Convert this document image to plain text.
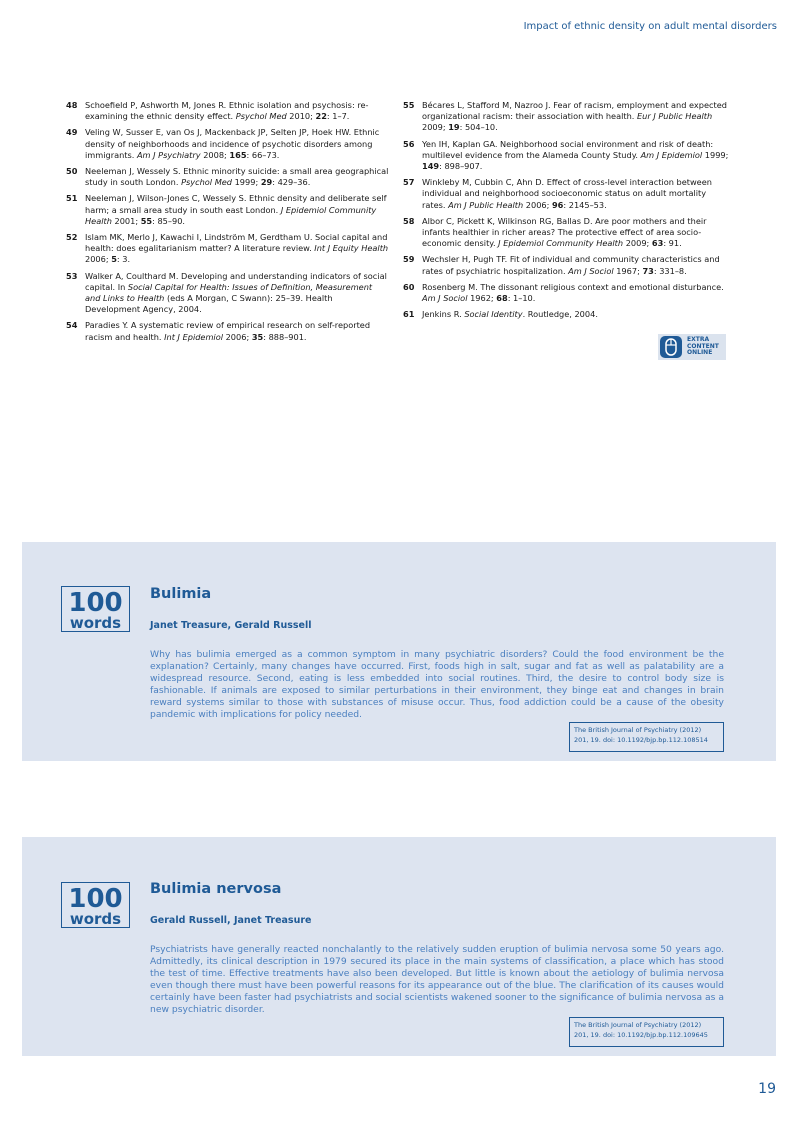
Impact of ethnic density on adult mental disorders
48 Schoefield P, Ashworth M, Jones R. Ethnic isolation and psychosis: re-examining the ethnic density effect. Psychol Med 2010; 22: 1–7.
49 Veling W, Susser E, van Os J, Mackenback JP, Selten JP, Hoek HW. Ethnic density of neighborhoods and incidence of psychotic disorders among immigrants. Am J Psychiatry 2008; 165: 66–73.
50 Neeleman J, Wessely S. Ethnic minority suicide: a small area geographical study in south London. Psychol Med 1999; 29: 429–36.
51 Neeleman J, Wilson-Jones C, Wessely S. Ethnic density and deliberate self harm; a small area study in south east London. J Epidemiol Community Health 2001; 55: 85–90.
52 Islam MK, Merlo J, Kawachi I, Lindström M, Gerdtham U. Social capital and health: does egalitarianism matter? A literature review. Int J Equity Health 2006; 5: 3.
53 Walker A, Coulthard M. Developing and understanding indicators of social capital. In Social Capital for Health: Issues of Definition, Measurement and Links to Health (eds A Morgan, C Swann): 25–39. Health Development Agency, 2004.
54 Paradies Y. A systematic review of empirical research on self-reported racism and health. Int J Epidemiol 2006; 35: 888–901.
55 Bécares L, Stafford M, Nazroo J. Fear of racism, employment and expected organizational racism: their association with health. Eur J Public Health 2009; 19: 504–10.
56 Yen IH, Kaplan GA. Neighborhood social environment and risk of death: multilevel evidence from the Alameda County Study. Am J Epidemiol 1999; 149: 898–907.
57 Winkleby M, Cubbin C, Ahn D. Effect of cross-level interaction between individual and neighborhood socioeconomic status on adult mortality rates. Am J Public Health 2006; 96: 2145–53.
58 Albor C, Pickett K, Wilkinson RG, Ballas D. Are poor mothers and their infants healthier in richer areas? The protective effect of area socio-economic density. J Epidemiol Community Health 2009; 63: 91.
59 Wechsler H, Pugh TF. Fit of individual and community characteristics and rates of psychiatric hospitalization. Am J Sociol 1967; 73: 331–8.
60 Rosenberg M. The dissonant religious context and emotional disturbance. Am J Sociol 1962; 68: 1–10.
61 Jenkins R. Social Identity. Routledge, 2004.
EXTRA
CONTENT
ONLINE
100
words
Bulimia
Janet Treasure, Gerald Russell
Why has bulimia emerged as a common symptom in many psychiatric disorders? Could the food environment be the explanation? Certainly, many changes have occurred. First, foods high in salt, sugar and fat as well as palatability are a widespread resource. Second, eating is less embedded into social routines. Third, the desire to control body size is fashionable. If animals are exposed to similar perturbations in their environment, they binge eat and changes in brain reward systems similar to those with substances of misuse occur. Thus, food addiction could be a cause of the obesity pandemic with implications for policy needed.
The British Journal of Psychiatry (2012)
201, 19. doi: 10.1192/bjp.bp.112.108514
100
words
Bulimia nervosa
Gerald Russell, Janet Treasure
Psychiatrists have generally reacted nonchalantly to the relatively sudden eruption of bulimia nervosa some 50 years ago. Admittedly, its clinical description in 1979 secured its place in the main systems of classification, a place which has stood the test of time. Effective treatments have also been developed. But little is known about the aetiology of bulimia nervosa even though there must have been powerful reasons for its appearance out of the blue. The clarification of its causes would certainly have been faster had psychiatrists and social scientists wakened sooner to the significance of bulimia nervosa as a new psychiatric disorder.
The British Journal of Psychiatry (2012)
201, 19. doi: 10.1192/bjp.bp.112.109645
19
